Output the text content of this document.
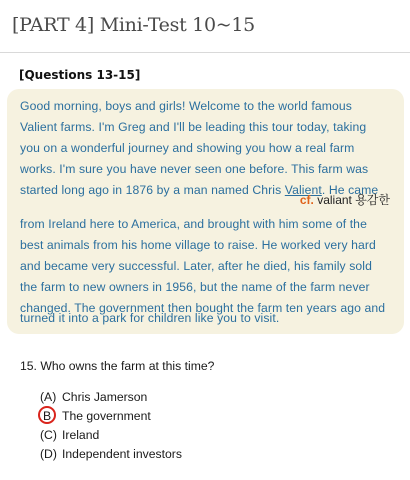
[PART 4] Mini-Test 10~15
[Questions 13-15]
Good morning, boys and girls! Welcome to the world famous
Valient farms. I'm Greg and I'll be leading this tour today, taking
you on a wonderful journey and showing you how a real farm
works. I'm sure you have never seen one before. This farm was
started long ago in 1876 by a man named Chris Valient. He came
from Ireland here to America, and brought with him some of the
best animals from his home village to raise. He worked very hard
and became very successful. Later, after he died, his family sold
the farm to new owners in 1956, but the name of the farm never
changed. The government then bought the farm ten years ago and
turned it into a park for children like you to visit.
cf. valiant 용감한
15. Who owns the farm at this time?
(A) Chris Jamerson
B The government
(C) Ireland
(D) Independent investors
